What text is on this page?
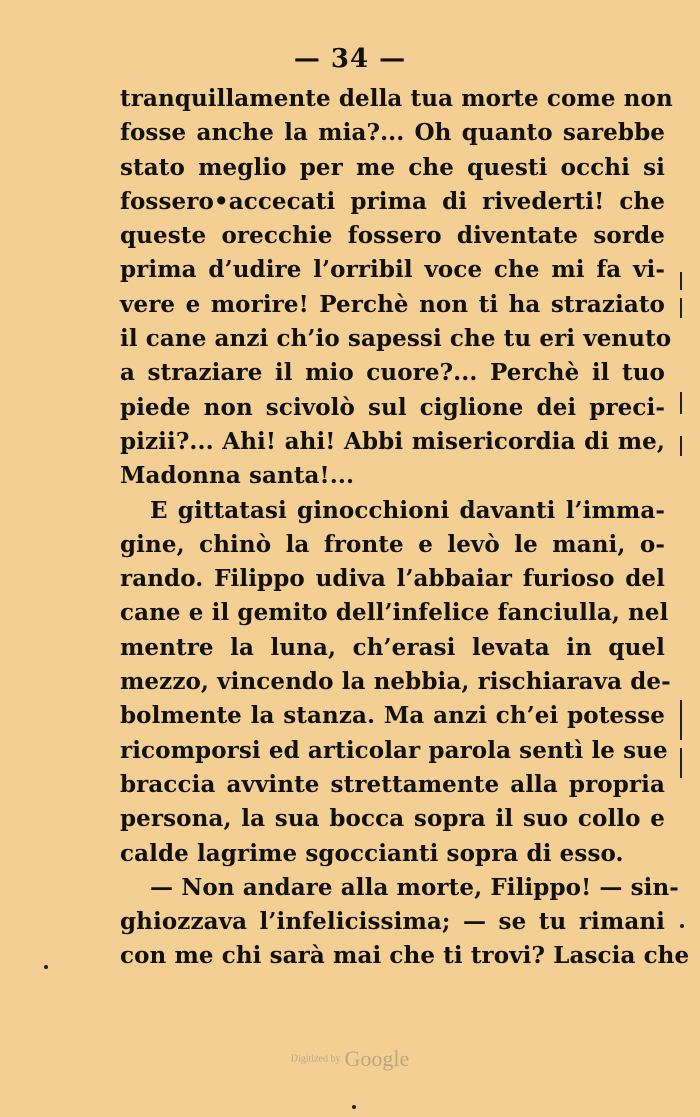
— 34 —
tranquillamente della tua morte come non
fosse anche la mia?... Oh quanto sarebbe
stato meglio per me che questi occhi si
fossero•accecati prima di rivederti! che
queste orecchie fossero diventate sorde
prima d’udire l’orribil voce che mi fa vi-
vere e morire! Perchè non ti ha straziato
il cane anzi ch’io sapessi che tu eri venuto
a straziare il mio cuore?... Perchè il tuo
piede non scivolò sul ciglione dei preci-
pizii?... Ahi! ahi! Abbi misericordia di me,
Madonna santa!...
E gittatasi ginocchioni davanti l’imma-
gine, chinò la fronte e levò le mani, o-
rando. Filippo udiva l’abbaiar furioso del
cane e il gemito dell’infelice fanciulla, nel
mentre la luna, ch’erasi levata in quel
mezzo, vincendo la nebbia, rischiarava de-
bolmente la stanza. Ma anzi ch’ei potesse
ricomporsi ed articolar parola sentì le sue
braccia avvinte strettamente alla propria
persona, la sua bocca sopra il suo collo e
calde lagrime sgoccianti sopra di esso.
— Non andare alla morte, Filippo! — sin-
ghiozzava l’infelicissima; — se tu rimani
con me chi sarà mai che ti trovi? Lascia che
Digitized by Google
